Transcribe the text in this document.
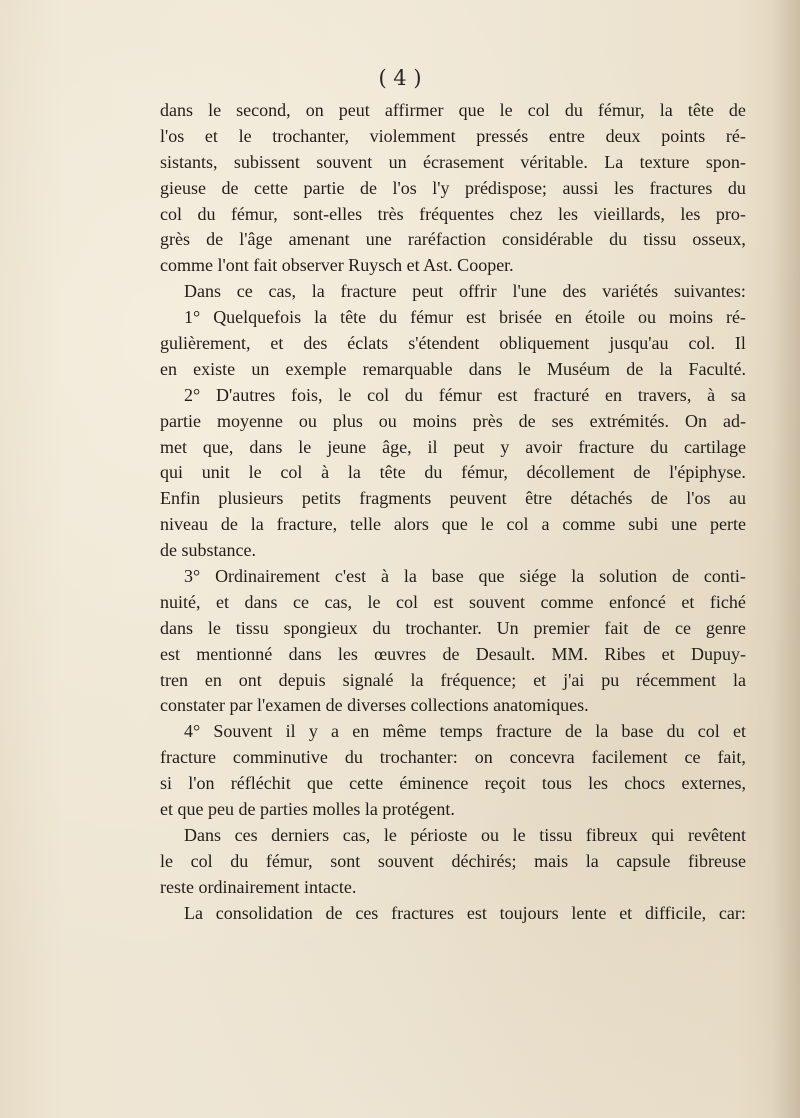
( 4 )
dans le second, on peut affirmer que le col du fémur, la tête de
l'os et le trochanter, violemment pressés entre deux points ré-
sistants, subissent souvent un écrasement véritable. La texture spon-
gieuse de cette partie de l'os l'y prédispose; aussi les fractures du
col du fémur, sont-elles très fréquentes chez les vieillards, les pro-
grès de l'âge amenant une raréfaction considérable du tissu osseux,
comme l'ont fait observer Ruysch et Ast. Cooper.
Dans ce cas, la fracture peut offrir l'une des variétés suivantes:
1° Quelquefois la tête du fémur est brisée en étoile ou moins ré-
gulièrement, et des éclats s'étendent obliquement jusqu'au col. Il
en existe un exemple remarquable dans le Muséum de la Faculté.
2° D'autres fois, le col du fémur est fracturé en travers, à sa
partie moyenne ou plus ou moins près de ses extrémités. On ad-
met que, dans le jeune âge, il peut y avoir fracture du cartilage
qui unit le col à la tête du fémur, décollement de l'épiphyse.
Enfin plusieurs petits fragments peuvent être détachés de l'os au
niveau de la fracture, telle alors que le col a comme subi une perte
de substance.
3° Ordinairement c'est à la base que siége la solution de conti-
nuité, et dans ce cas, le col est souvent comme enfoncé et fiché
dans le tissu spongieux du trochanter. Un premier fait de ce genre
est mentionné dans les œuvres de Desault. MM. Ribes et Dupuy-
tren en ont depuis signalé la fréquence; et j'ai pu récemment la
constater par l'examen de diverses collections anatomiques.
4° Souvent il y a en même temps fracture de la base du col et
fracture comminutive du trochanter: on concevra facilement ce fait,
si l'on réfléchit que cette éminence reçoit tous les chocs externes,
et que peu de parties molles la protégent.
Dans ces derniers cas, le périoste ou le tissu fibreux qui revêtent
le col du fémur, sont souvent déchirés; mais la capsule fibreuse
reste ordinairement intacte.
La consolidation de ces fractures est toujours lente et difficile, car:
